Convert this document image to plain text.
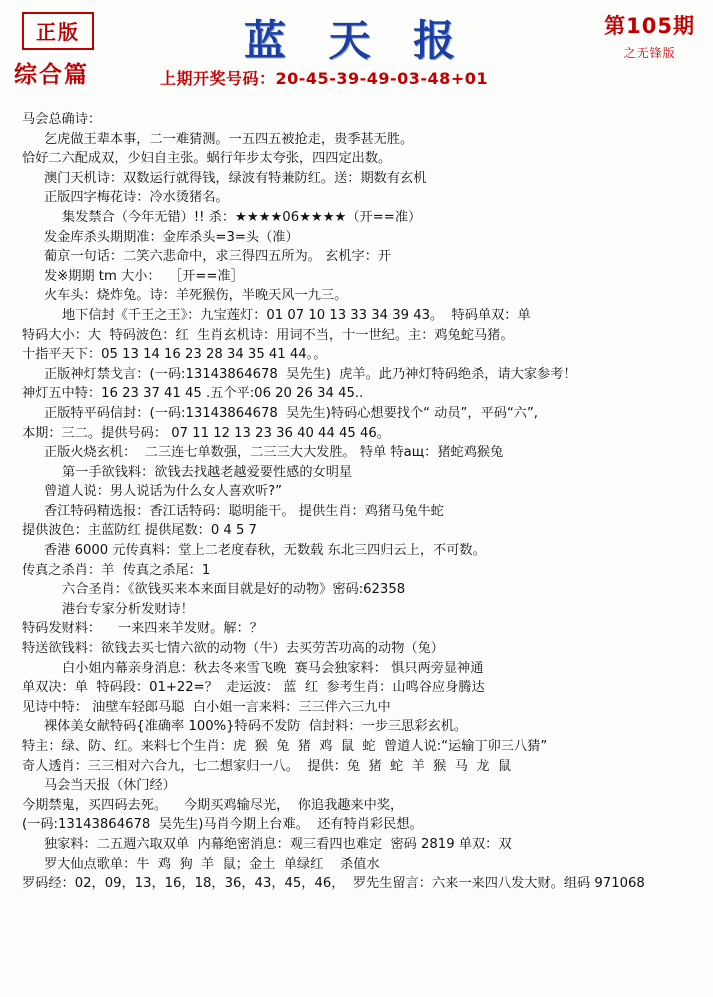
正版	蓝 天 报	第105期
之无锋版
综合篇	上期开奖号码：20-45-39-49-03-48+01
马会总确诗：
乞虎做王辈本事，二一难猜测。一五四五被抢走，贵季甚无胜。
恰好二六配成双，少妇自主张。蜗行年步太夸张，四四定出数。
澳门天机诗：双数运行就得钱，绿波有特兼防红。送：期数有玄机
正版四字梅花诗：冷水烫猪名。
集发禁合（今年无错）!! 杀：★★★★06★★★★（开==准）
发金库杀头期期准：金库杀头=3=头（准）
葡京一句话：二笑六悲命中，求三得四五所为。 玄机字：开
发※期期 tm 大小：  ［开==准］
火车头：烧炸兔。诗：羊死猴伤，半晚天风一九三。
地下信封《千王之王》：九宝莲灯：01 07 10 13 33 34 39 43。  特码单双：单
特码大小：大  特码波色：红  生肖玄机诗：用词不当，十一世纪。主：鸡兔蛇马猪。
十指平天下：05 13 14 16 23 28 34 35 41 44。。
正版神灯禁戈言：(一码:13143864678  吴先生)  虎羊。此乃神灯特码绝杀，请大家参考！
神灯五中特：16 23 37 41 45 .五个平:06 20 26 34 45..
正版特平码信封：(一码:13143864678  吴先生)特码心想要找个“ 动员”，平码“六”,
本期：三二。提供号码： 07 11 12 13 23 36 40 44 45 46。
正版火烧玄机：  二三连七单数强，二三三大大发胜。 特单 特ащ：猪蛇鸡猴兔
第一手欲钱料：欲钱去找越老越爱要性感的女明星
曾道人说：男人说话为什么女人喜欢听?”
香江特码精选报：香江话特码：聪明能干。 提供生肖：鸡猪马兔牛蛇
提供波色：主蓝防红 提供尾数：0 4 5 7
香港 6000 元传真料：堂上二老度春秋，无数载 东北三四归云上，不可数。
传真之杀肖：羊  传真之杀尾：1
六合圣肖：《欲钱买来本来面目就是好的动物》密码:62358
港台专家分析发财诗！
特码发财料：    一来四来羊发财。解：？
特送欲钱料：欲钱去买七情六欲的动物（牛）去买劳苦功高的动物（兔）
白小姐内幕亲身消息：秋去冬来雪飞晚  赛马会独家料： 惧只两旁显神通
单双决：单  特码段：01+22=？  走运波： 蓝  红  参考生肖：山鸣谷应身腾达
见诗中特： 油壁车轻郎马聪  白小姐一言来料：三三伴六三九中
裸体美女献特码{准确率 100%}特码不发防  信封料：一步三思彩玄机。
特主：绿、防、红。来料七个生肖：虎  猴  兔  猪  鸡  鼠  蛇  曾道人说:“运输丁卯三八猜”
奇人透肖：三三相对六合九，七二想家归一八。  提供：兔  猪  蛇  羊  猴  马  龙  鼠
马会当天报（休门经）
今期禁鬼，买四码去死。    今期买鸡输尽光，  你追我趣来中奖，
(一码:13143864678  吴先生)马肖今期上台难。  还有特肖彩民想。
独家料：二五週六取双单  内幕绝密消息：观三看四也难定  密码 2819 单双：双
罗大仙点歌单：牛  鸡  狗  羊  鼠；金土  单绿红    杀值水
罗码经：02，09，13，16，18，36，43，45，46，  罗先生留言：六来一来四八发大财。组码 971068
